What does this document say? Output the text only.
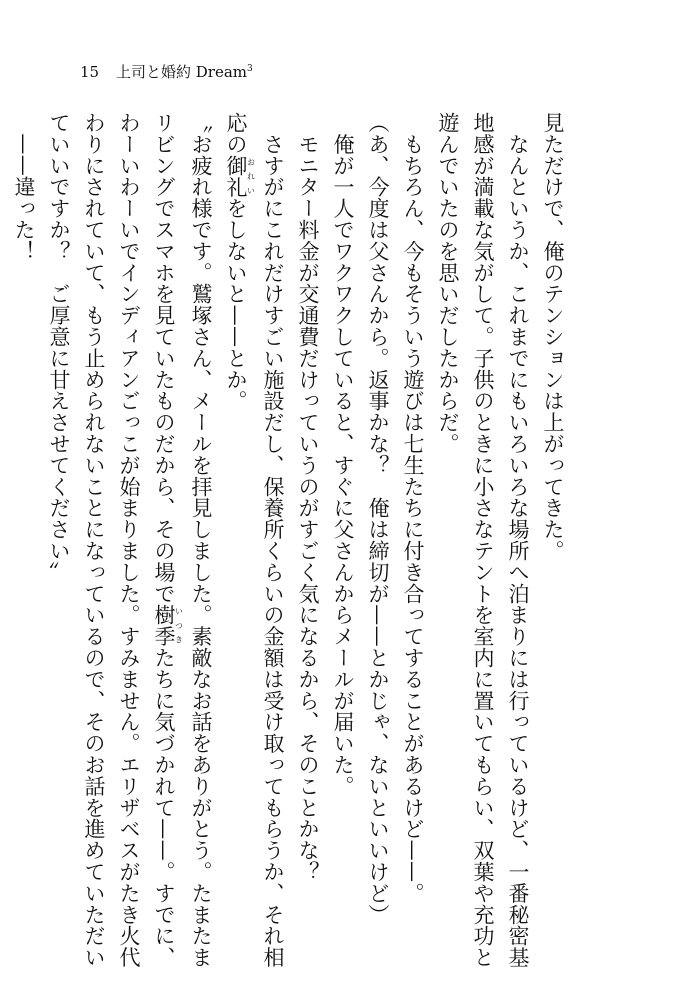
15 上司と婚約 Dream$^3$
見ただけで、俺のテンションは上がってきた。
　なんというか、これまでにもいろいろな場所へ泊まりには行っているけど、一番秘密基
地感が満載な気がして。子供のときに小さなテントを室内に置いてもらい、双葉や充功と
遊んでいたのを思いだしたからだ。
　もちろん、今もそういう遊びは七生たちに付き合ってすることがあるけど——。
（あ、今度は父さんから。返事かな？　俺は締切が——とかじゃ、ないといいけど）
　俺が一人でワクワクしていると、すぐに父さんからメールが届いた。
　モニター料金が交通費だけっていうのがすごく気になるから、そのことかな？
　さすがにこれだけすごい施設だし、保養所くらいの金額は受け取ってもらうか、それ相
応の御礼おれいをしないと——とか。
〝お疲れ様です。鷲塚さん、メールを拝見しました。素敵なお話をありがとう。たまたま
リビングでスマホを見ていたものだから、その場で樹季いつきたちに気づかれて——。すでに、
わーいわーいでインディアンごっこが始まりました。すみません。エリザベスがたき火代
わりにされていて、もう止められないことになっているので、そのお話を進めていただい
ていいですか？　ご厚意に甘えさせてください〟
　——違った！
